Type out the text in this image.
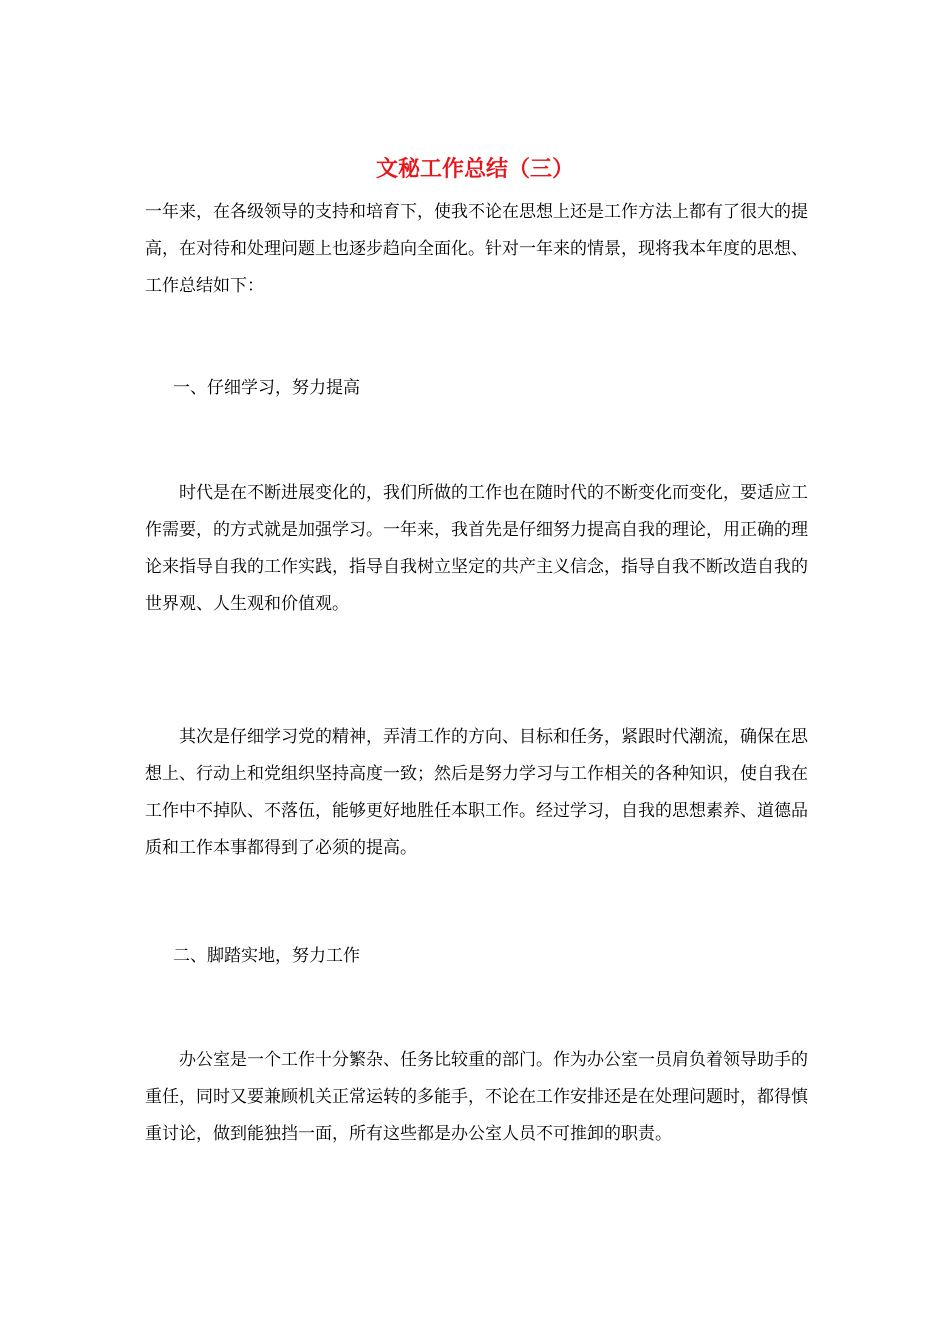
文秘工作总结（三）

一年来，在各级领导的支持和培育下，使我不论在思想上还是工作方法上都有了很大的提高，在对待和处理问题上也逐步趋向全面化。针对一年来的情景，现将我本年度的思想、工作总结如下：

一、仔细学习，努力提高

时代是在不断进展变化的，我们所做的工作也在随时代的不断变化而变化，要适应工作需要，的方式就是加强学习。一年来，我首先是仔细努力提高自我的理论，用正确的理论来指导自我的工作实践，指导自我树立坚定的共产主义信念，指导自我不断改造自我的世界观、人生观和价值观。

其次是仔细学习党的精神，弄清工作的方向、目标和任务，紧跟时代潮流，确保在思想上、行动上和党组织坚持高度一致；然后是努力学习与工作相关的各种知识，使自我在工作中不掉队、不落伍，能够更好地胜任本职工作。经过学习，自我的思想素养、道德品质和工作本事都得到了必须的提高。

二、脚踏实地，努力工作

办公室是一个工作十分繁杂、任务比较重的部门。作为办公室一员肩负着领导助手的重任，同时又要兼顾机关正常运转的多能手，不论在工作安排还是在处理问题时，都得慎重讨论，做到能独挡一面，所有这些都是办公室人员不可推卸的职责。
